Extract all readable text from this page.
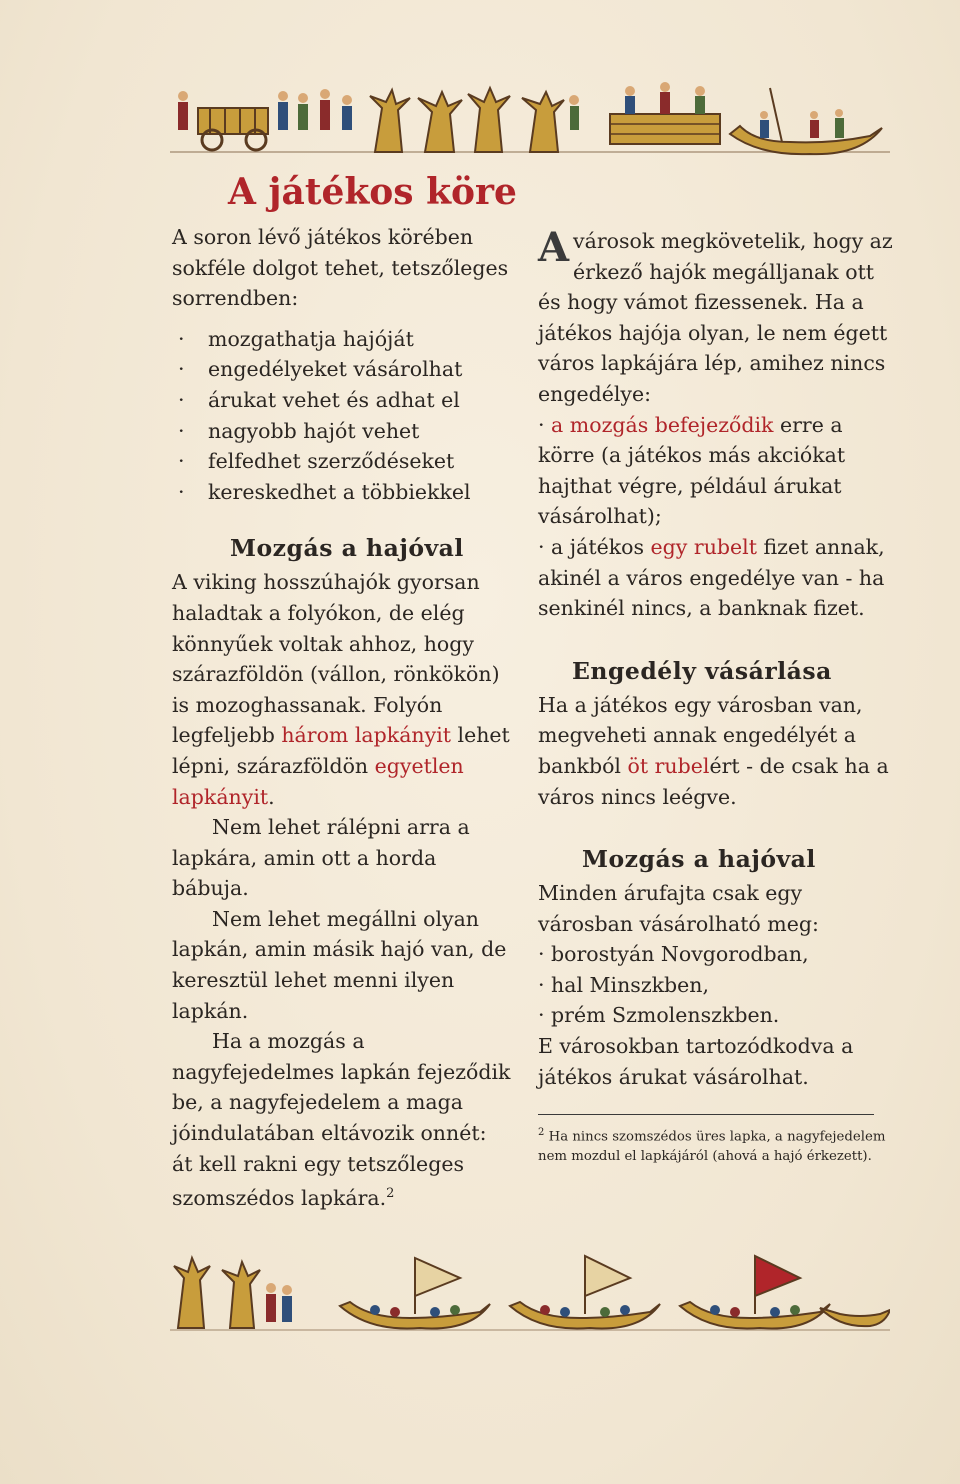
A játékos köre

A soron lévő játékos körében sokféle dolgot tehet, tetszőleges sorrendben:

· mozgathatja hajóját
· engedélyeket vásárolhat
· árukat vehet és adhat el
· nagyobb hajót vehet
· felfedhet szerződéseket
· kereskedhet a többiekkel
Mozgás a hajóval

A viking hosszúhajók gyorsan haladtak a folyókon, de elég könnyűek voltak ahhoz, hogy szárazföldön (vállon, rönkökön) is mozoghassanak. Folyón legfeljebb három lapkányit lehet lépni, szárazföldön egyetlen lapkányit.

Nem lehet rálépni arra a lapkára, amin ott a horda bábuja.

Nem lehet megállni olyan lapkán, amin másik hajó van, de keresztül lehet menni ilyen lapkán.

Ha a mozgás a nagyfejedelmes lapkán fejeződik be, a nagyfejedelem a maga jóindulatában eltávozik onnét: át kell rakni egy tetszőleges szomszédos lapkára.$^2$

A városok megkövetelik, hogy az érkező hajók megálljanak ott és hogy vámot fizessenek. Ha a játékos hajója olyan, le nem égett város lapkájára lép, amihez nincs engedélye:

· a mozgás befejeződik erre a körre (a játékos más akciókat hajthat végre, például árukat vásárolhat);

· a játékos egy rubelt fizet annak, akinél a város engedélye van - ha senkinél nincs, a banknak fizet.

Engedély vásárlása

Ha a játékos egy városban van, megveheti annak engedélyét a bankból öt rubelért - de csak ha a város nincs leégve.

Mozgás a hajóval

Minden árufajta csak egy városban vásárolható meg:

· borostyán Novgorodban,

· hal Minszkben,

· prém Szmolenszkben.

E városokban tartozódkodva a játékos árukat vásárolhat.

$^2$ Ha nincs szomszédos üres lapka, a nagyfejedelem nem mozdul el lapkájáról (ahová a hajó érkezett).
